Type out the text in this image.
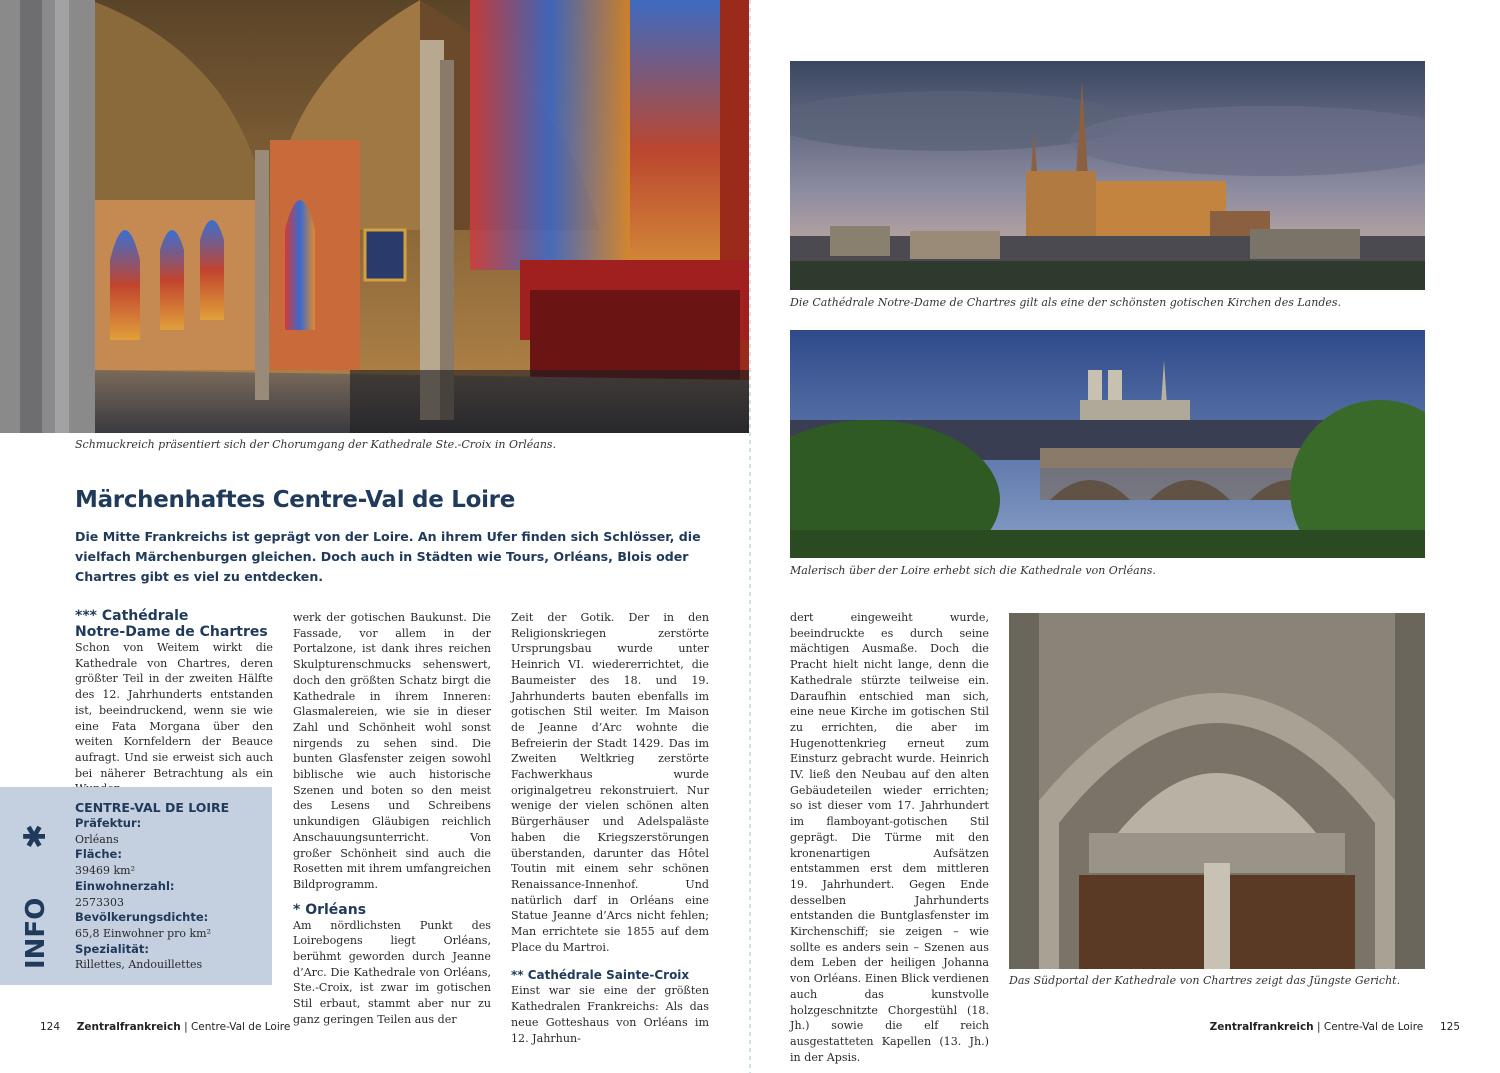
Schmuckreich präsentiert sich der Chorumgang der Kathedrale Ste.-Croix in Orléans.
Märchenhaftes Centre-Val de Loire
Die Mitte Frankreichs ist geprägt von der Loire. An ihrem Ufer finden sich Schlösser, die vielfach Märchenburgen gleichen. Doch auch in Städten wie Tours, Orléans, Blois oder Chartres gibt es viel zu entdecken.
*** Cathédrale
Notre-Dame de Chartres

Schon von Weitem wirkt die Kathedrale von Chartres, deren größter Teil in der zweiten Hälfte des 12. Jahrhunderts entstanden ist, beeindruckend, wenn sie wie eine Fata Morgana über den weiten Kornfeldern der Beauce aufragt. Und sie erweist sich auch bei näherer Betrachtung als ein

INFO
✱
CENTRE-VAL DE LOIRE
Präfektur:
Orléans
Fläche:
39469 km²
Einwohnerzahl:
2573303
Bevölkerungsdichte:
65,8 Einwohner pro km²
Spezialität:
Rillettes, Andouillettes

werk der gotischen Baukunst. Die Fassade, vor allem in der Portalzone, ist dank ihres reichen Skulpturenschmucks sehenswert, doch den größten Schatz birgt die Kathedrale in ihrem Inneren: Glasmalereien, wie sie in dieser Zahl und Schönheit wohl sonst nirgends zu sehen sind. Die bunten Glasfenster zeigen sowohl biblische wie auch historische Szenen und boten so den meist des Lesens und Schreibens unkundigen Gläubigen reichlich Anschauungsunterricht. Von großer Schönheit sind auch die Rosetten mit ihrem umfangreichen Bildprogramm.

* Orléans

Am nördlichsten Punkt des Loirebogens liegt Orléans, berühmt geworden durch Jeanne d’Arc. Die Kathedrale von Orléans, Ste.-Croix, ist zwar im gotischen Stil erbaut, stammt aber nur zu ganz geringen Teilen aus der

Zeit der Gotik. Der in den Religionskriegen zerstörte Ursprungsbau wurde unter Heinrich VI. wiedererrichtet, die Baumeister des 18. und 19. Jahrhunderts bauten ebenfalls im gotischen Stil weiter. Im Maison de Jeanne d’Arc wohnte die Befreierin der Stadt 1429. Das im Zweiten Weltkrieg zerstörte Fachwerkhaus wurde originalgetreu rekonstruiert. Nur wenige der vielen schönen alten Bürgerhäuser und Adelspaläste haben die Kriegszerstörungen überstanden, darunter das Hôtel Toutin mit einem sehr schönen Renaissance-Innenhof. Und natürlich darf in Orléans eine Statue Jeanne d’Arcs nicht fehlen; Man errichtete sie 1855 auf dem Place du Martroi.

** Cathédrale Sainte-Croix

Einst war sie eine der größten Kathedralen Frankreichs: Als das neue Gotteshaus von Orléans im 12. Jahrhun-

124 Zentralfrankreich | Centre-Val de Loire
Die Cathédrale Notre-Dame de Chartres gilt als eine der schönsten gotischen Kirchen des Landes.
Malerisch über der Loire erhebt sich die Kathedrale von Orléans.

dert eingeweiht wurde, beeindruckte es durch seine mächtigen Ausmaße. Doch die Pracht hielt nicht lange, denn die Kathedrale stürzte teilweise ein. Daraufhin entschied man sich, eine neue Kirche im gotischen Stil zu errichten, die aber im Hugenottenkrieg erneut zum Einsturz gebracht wurde. Heinrich IV. ließ den Neubau auf den alten Gebäudeteilen wieder errichten; so ist dieser vom 17. Jahrhundert im flamboyant-gotischen Stil geprägt. Die Türme mit den kronenartigen Aufsätzen entstammen erst dem mittleren 19. Jahrhundert. Gegen Ende desselben Jahrhunderts entstanden die Buntglasfenster im Kirchenschiff; sie zeigen – wie sollte es anders sein – Szenen aus dem Leben der heiligen Johanna von Orléans. Einen Blick verdienen auch das kunstvolle holzgeschnitzte Chorgestühl (18. Jh.) sowie die elf reich ausgestatteten Kapellen (13. Jh.) in der Apsis.

Das Südportal der Kathedrale von Chartres zeigt das Jüngste Gericht.
Zentralfrankreich | Centre-Val de Loire 125
